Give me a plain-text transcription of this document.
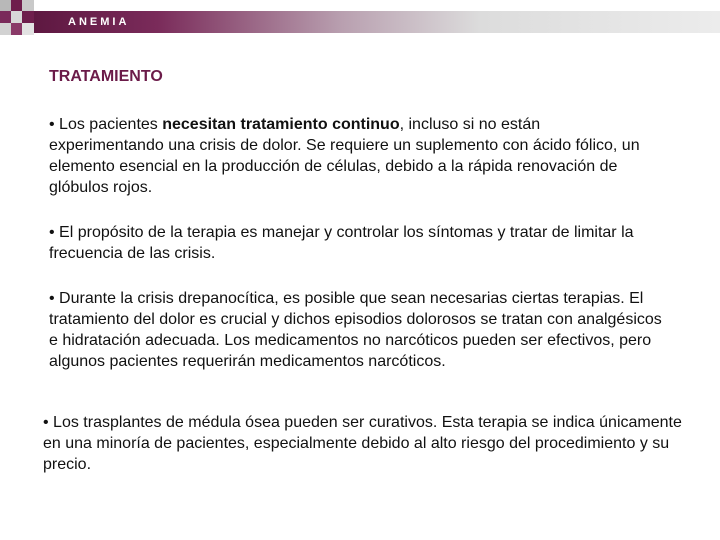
ANEMIA
TRATAMIENTO
• Los pacientes necesitan tratamiento continuo, incluso si no están experimentando una crisis de dolor. Se requiere un suplemento con ácido fólico, un elemento esencial en la producción de células, debido a la rápida renovación de glóbulos rojos.
• El propósito de la terapia es manejar y controlar los síntomas y tratar de limitar la frecuencia de las crisis.
• Durante la crisis drepanocítica, es posible que sean necesarias ciertas terapias. El tratamiento del dolor es crucial y dichos episodios dolorosos se tratan con analgésicos e hidratación adecuada. Los medicamentos no narcóticos pueden ser efectivos, pero algunos pacientes requerirán medicamentos narcóticos.
• Los trasplantes de médula ósea pueden ser curativos. Esta terapia se indica únicamente en una minoría de pacientes, especialmente debido al alto riesgo del procedimiento y su precio.
